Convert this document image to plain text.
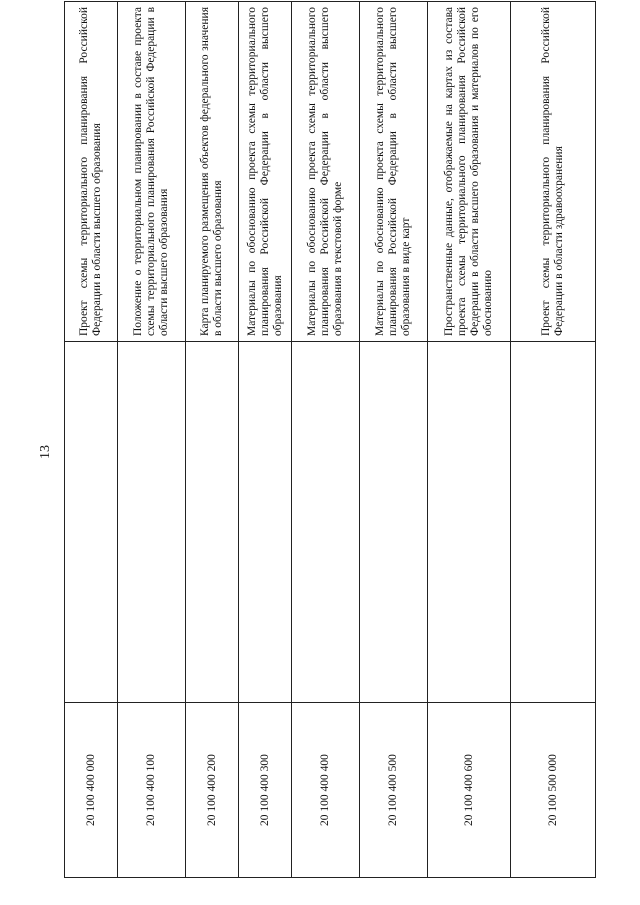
13
20 100 400 000		Проект схемы территориального планирования Российской Федерации в области высшего образования
20 100 400 100		Положение о территориальном планировании в составе проекта схемы территориального планирования Российской Федерации в области высшего образования
20 100 400 200		Карта планируемого размещения объектов федерального значения в области высшего образования
20 100 400 300		Материалы по обоснованию проекта схемы территориального планирования Российской Федерации в области высшего образования
20 100 400 400		Материалы по обоснованию проекта схемы территориального планирования Российской Федерации в области высшего образования в текстовой форме
20 100 400 500		Материалы по обоснованию проекта схемы территориального планирования Российской Федерации в области высшего образования в виде карт
20 100 400 600		Пространственные данные, отображаемые на картах из состава проекта схемы территориального планирования Российской Федерации в области высшего образования и материалов по его обоснованию
20 100 500 000		Проект схемы территориального планирования Российской Федерации в области здравоохранения
